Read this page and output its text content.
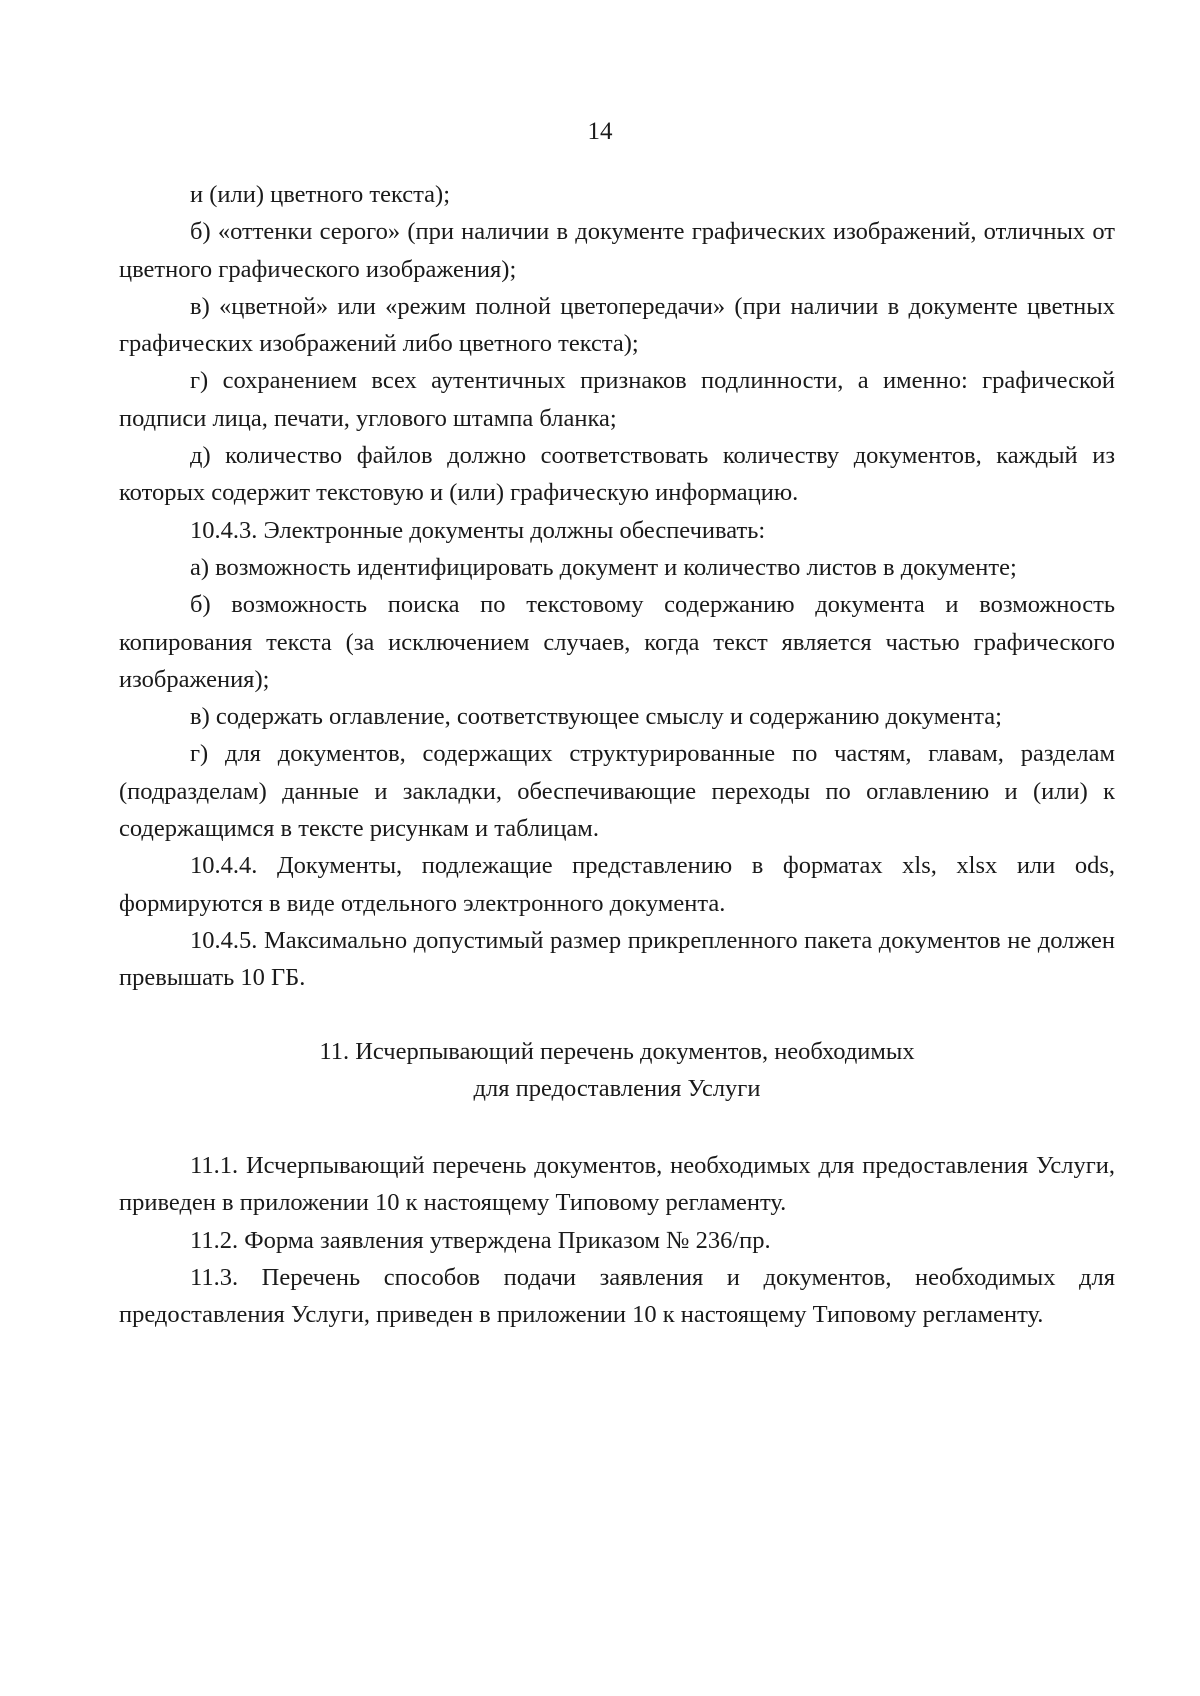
14

и (или) цветного текста);

б) «оттенки серого» (при наличии в документе графических изображений, отличных от цветного графического изображения);

в) «цветной» или «режим полной цветопередачи» (при наличии в документе цветных графических изображений либо цветного текста);

г) сохранением всех аутентичных признаков подлинности, а именно: графической подписи лица, печати, углового штампа бланка;

д) количество файлов должно соответствовать количеству документов, каждый из которых содержит текстовую и (или) графическую информацию.

10.4.3. Электронные документы должны обеспечивать:

а) возможность идентифицировать документ и количество листов в документе;

б) возможность поиска по текстовому содержанию документа и возможность копирования текста (за исключением случаев, когда текст является частью графического изображения);

в) содержать оглавление, соответствующее смыслу и содержанию документа;

г) для документов, содержащих структурированные по частям, главам, разделам (подразделам) данные и закладки, обеспечивающие переходы по оглавлению и (или) к содержащимся в тексте рисункам и таблицам.

10.4.4. Документы, подлежащие представлению в форматах xls, xlsx или ods, формируются в виде отдельного электронного документа.

10.4.5. Максимально допустимый размер прикрепленного пакета документов не должен превышать 10 ГБ.

11. Исчерпывающий перечень документов, необходимых
для предоставления Услуги

11.1. Исчерпывающий перечень документов, необходимых для предоставления Услуги, приведен в приложении 10 к настоящему Типовому регламенту.

11.2. Форма заявления утверждена Приказом № 236/пр.

11.3. Перечень способов подачи заявления и документов, необходимых для предоставления Услуги, приведен в приложении 10 к настоящему Типовому регламенту.
